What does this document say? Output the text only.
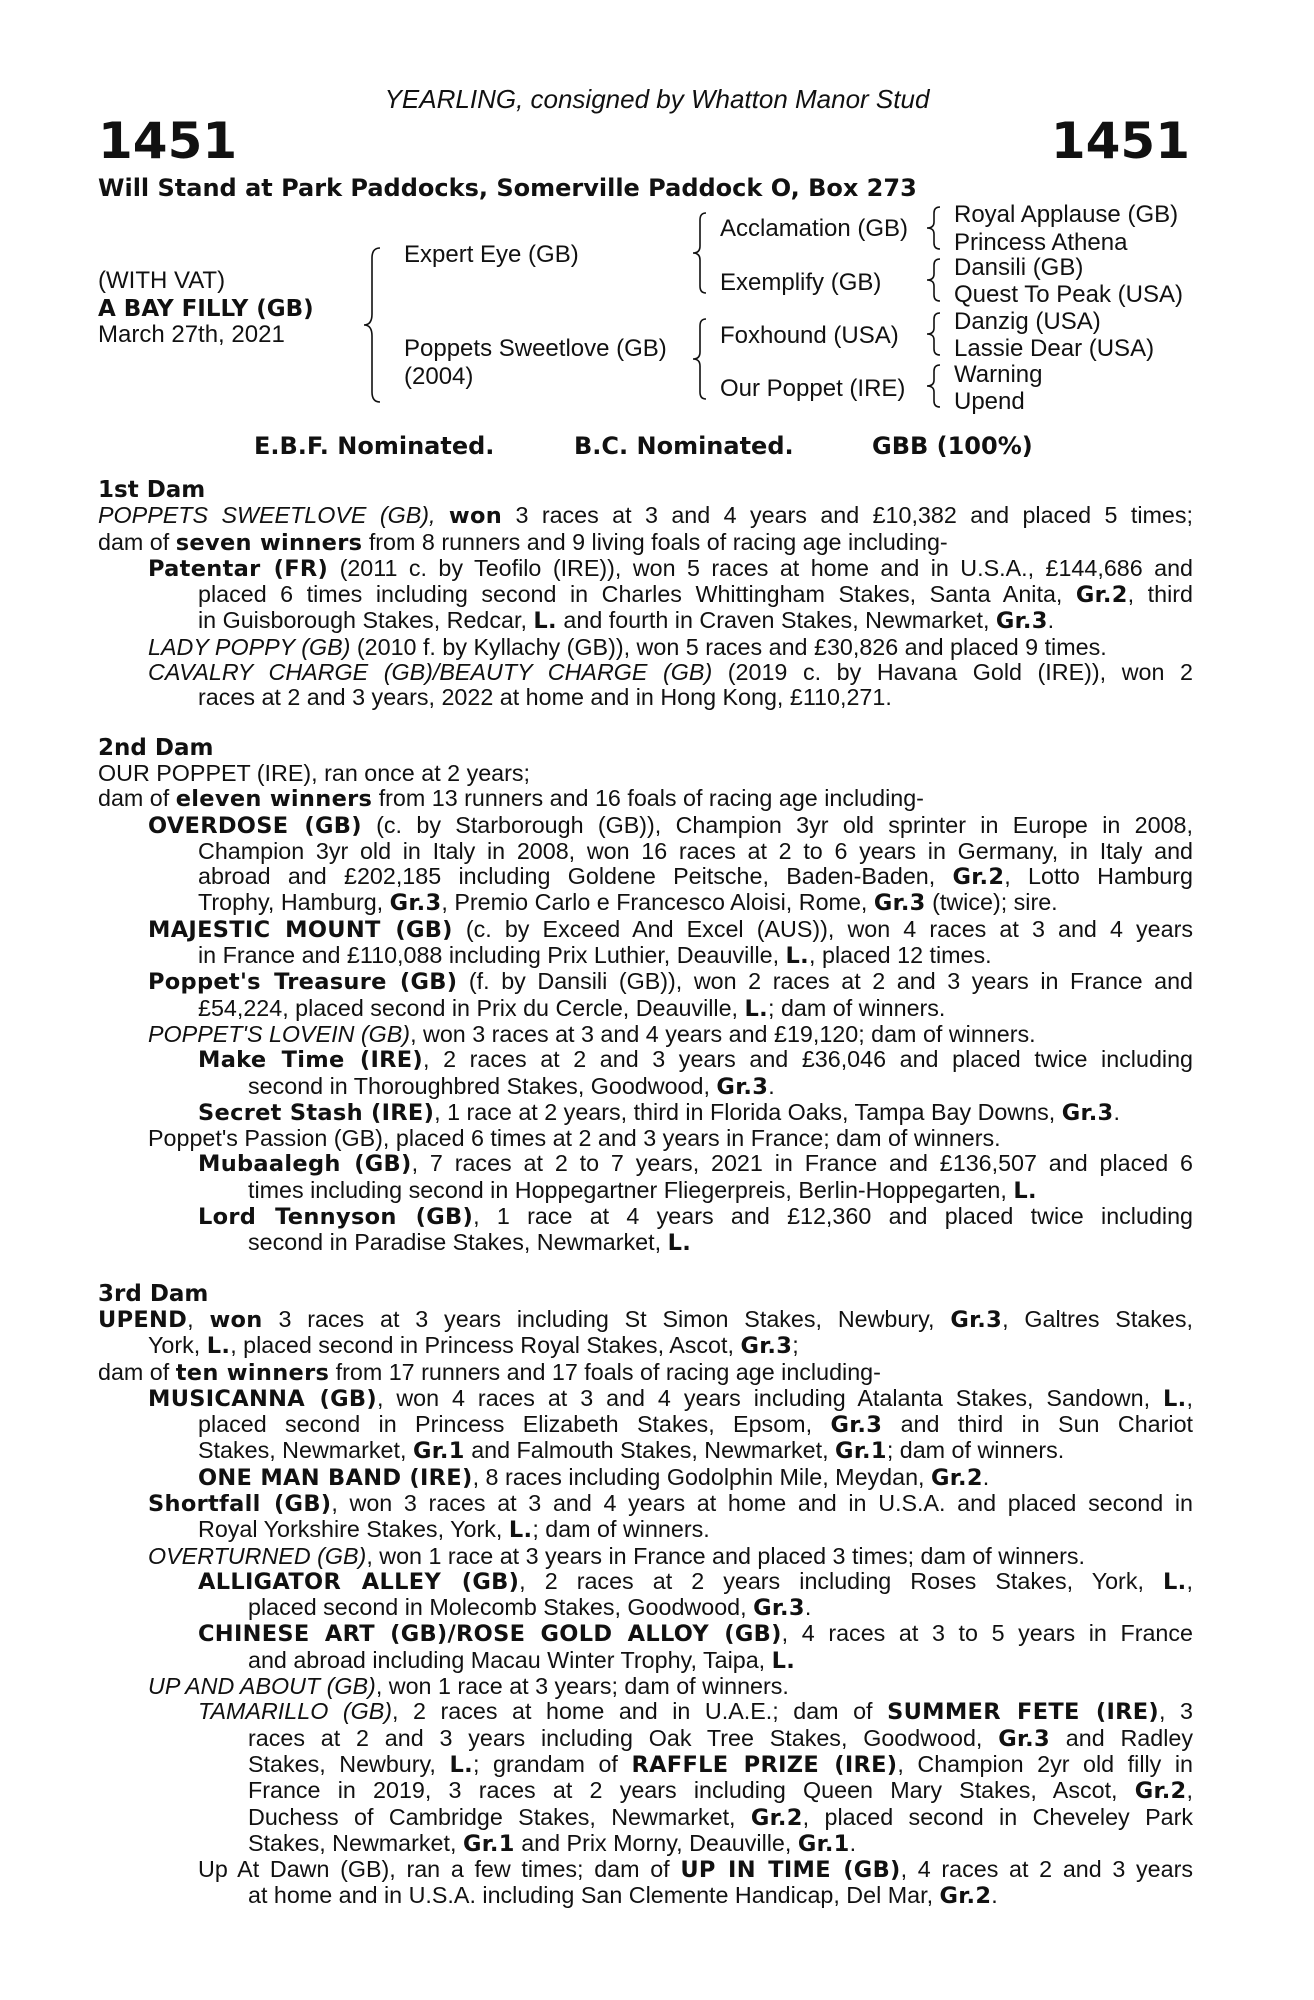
YEARLING, consigned by Whatton Manor Stud
1451	1451
Will Stand at Park Paddocks, Somerville Paddock O, Box 273
(WITH VAT)
A BAY FILLY (GB)
March 27th, 2021
Expert Eye (GB)
Poppets Sweetlove (GB)
(2004)
Acclamation (GB)
Exemplify (GB)
Foxhound (USA)
Our Poppet (IRE)
Royal Applause (GB)
Princess Athena
Dansili (GB)
Quest To Peak (USA)
Danzig (USA)
Lassie Dear (USA)
Warning
Upend
E.B.F. Nominated.	B.C. Nominated.	GBB (100%)
1st Dam
POPPETS SWEETLOVE (GB), won 3 races at 3 and 4 years and £10,382 and placed 5 times;
dam of seven winners from 8 runners and 9 living foals of racing age including-
Patentar (FR) (2011 c. by Teofilo (IRE)), won 5 races at home and in U.S.A., £144,686 and
placed 6 times including second in Charles Whittingham Stakes, Santa Anita, Gr.2, third
in Guisborough Stakes, Redcar, L. and fourth in Craven Stakes, Newmarket, Gr.3.
LADY POPPY (GB) (2010 f. by Kyllachy (GB)), won 5 races and £30,826 and placed 9 times.
CAVALRY CHARGE (GB)/BEAUTY CHARGE (GB) (2019 c. by Havana Gold (IRE)), won 2
races at 2 and 3 years, 2022 at home and in Hong Kong, £110,271.
2nd Dam
OUR POPPET (IRE), ran once at 2 years;
dam of eleven winners from 13 runners and 16 foals of racing age including-
OVERDOSE (GB) (c. by Starborough (GB)), Champion 3yr old sprinter in Europe in 2008,
Champion 3yr old in Italy in 2008, won 16 races at 2 to 6 years in Germany, in Italy and
abroad and £202,185 including Goldene Peitsche, Baden-Baden, Gr.2, Lotto Hamburg
Trophy, Hamburg, Gr.3, Premio Carlo e Francesco Aloisi, Rome, Gr.3 (twice); sire.
MAJESTIC MOUNT (GB) (c. by Exceed And Excel (AUS)), won 4 races at 3 and 4 years
in France and £110,088 including Prix Luthier, Deauville, L., placed 12 times.
Poppet's Treasure (GB) (f. by Dansili (GB)), won 2 races at 2 and 3 years in France and
£54,224, placed second in Prix du Cercle, Deauville, L.; dam of winners.
POPPET'S LOVEIN (GB), won 3 races at 3 and 4 years and £19,120; dam of winners.
Make Time (IRE), 2 races at 2 and 3 years and £36,046 and placed twice including
second in Thoroughbred Stakes, Goodwood, Gr.3.
Secret Stash (IRE), 1 race at 2 years, third in Florida Oaks, Tampa Bay Downs, Gr.3.
Poppet's Passion (GB), placed 6 times at 2 and 3 years in France; dam of winners.
Mubaalegh (GB), 7 races at 2 to 7 years, 2021 in France and £136,507 and placed 6
times including second in Hoppegartner Fliegerpreis, Berlin-Hoppegarten, L.
Lord Tennyson (GB), 1 race at 4 years and £12,360 and placed twice including
second in Paradise Stakes, Newmarket, L.
3rd Dam
UPEND, won 3 races at 3 years including St Simon Stakes, Newbury, Gr.3, Galtres Stakes,
York, L., placed second in Princess Royal Stakes, Ascot, Gr.3;
dam of ten winners from 17 runners and 17 foals of racing age including-
MUSICANNA (GB), won 4 races at 3 and 4 years including Atalanta Stakes, Sandown, L.,
placed second in Princess Elizabeth Stakes, Epsom, Gr.3 and third in Sun Chariot
Stakes, Newmarket, Gr.1 and Falmouth Stakes, Newmarket, Gr.1; dam of winners.
ONE MAN BAND (IRE), 8 races including Godolphin Mile, Meydan, Gr.2.
Shortfall (GB), won 3 races at 3 and 4 years at home and in U.S.A. and placed second in
Royal Yorkshire Stakes, York, L.; dam of winners.
OVERTURNED (GB), won 1 race at 3 years in France and placed 3 times; dam of winners.
ALLIGATOR ALLEY (GB), 2 races at 2 years including Roses Stakes, York, L.,
placed second in Molecomb Stakes, Goodwood, Gr.3.
CHINESE ART (GB)/ROSE GOLD ALLOY (GB), 4 races at 3 to 5 years in France
and abroad including Macau Winter Trophy, Taipa, L.
UP AND ABOUT (GB), won 1 race at 3 years; dam of winners.
TAMARILLO (GB), 2 races at home and in U.A.E.; dam of SUMMER FETE (IRE), 3
races at 2 and 3 years including Oak Tree Stakes, Goodwood, Gr.3 and Radley
Stakes, Newbury, L.; grandam of RAFFLE PRIZE (IRE), Champion 2yr old filly in
France in 2019, 3 races at 2 years including Queen Mary Stakes, Ascot, Gr.2,
Duchess of Cambridge Stakes, Newmarket, Gr.2, placed second in Cheveley Park
Stakes, Newmarket, Gr.1 and Prix Morny, Deauville, Gr.1.
Up At Dawn (GB), ran a few times; dam of UP IN TIME (GB), 4 races at 2 and 3 years
at home and in U.S.A. including San Clemente Handicap, Del Mar, Gr.2.
